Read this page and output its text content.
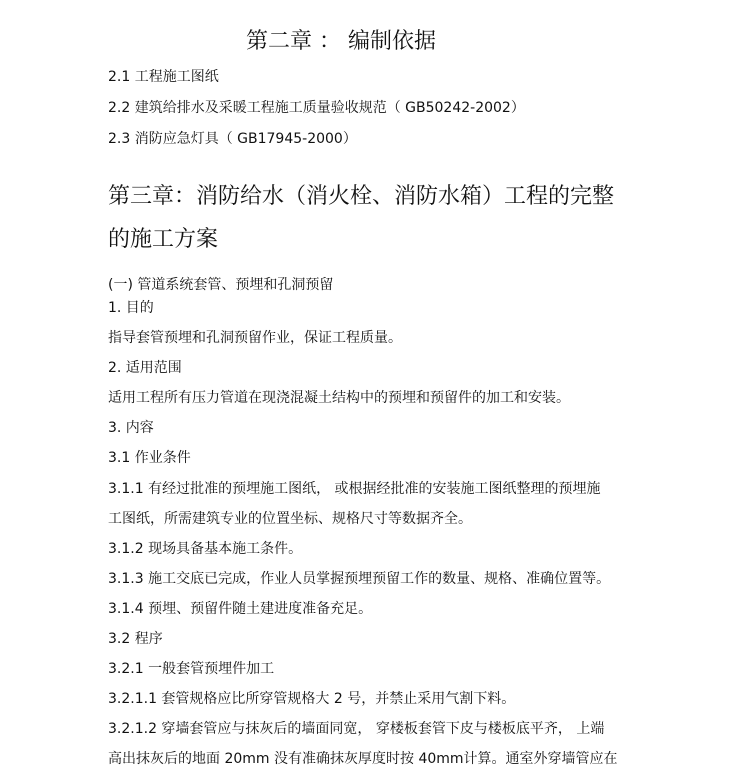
第二章 ： 编制依据
2.1 工程施工图纸
2.2 建筑给排水及采暖工程施工质量验收规范（ GB50242-2002）
2.3 消防应急灯具（ GB17945-2000）
第三章：消防给水（消火栓、消防水箱）工程的完整
的施工方案
(一) 管道系统套管、预埋和孔洞预留
1. 目的
指导套管预埋和孔洞预留作业，保证工程质量。
2. 适用范围
适用工程所有压力管道在现浇混凝土结构中的预埋和预留件的加工和安装。
3. 内容
3.1 作业条件
3.1.1 有经过批准的预埋施工图纸， 或根据经批准的安装施工图纸整理的预埋施
工图纸，所需建筑专业的位置坐标、规格尺寸等数据齐全。
3.1.2 现场具备基本施工条件。
3.1.3 施工交底已完成，作业人员掌握预埋预留工作的数量、规格、准确位置等。
3.1.4 预埋、预留件随土建进度准备充足。
3.2 程序
3.2.1 一般套管预埋件加工
3.2.1.1 套管规格应比所穿管规格大 2 号，并禁止采用气割下料。
3.2.1.2 穿墙套管应与抹灰后的墙面同宽， 穿楼板套管下皮与楼板底平齐， 上端
高出抹灰后的地面 20mm 没有准确抹灰厚度时按 40mm计算。通室外穿墙管应在
